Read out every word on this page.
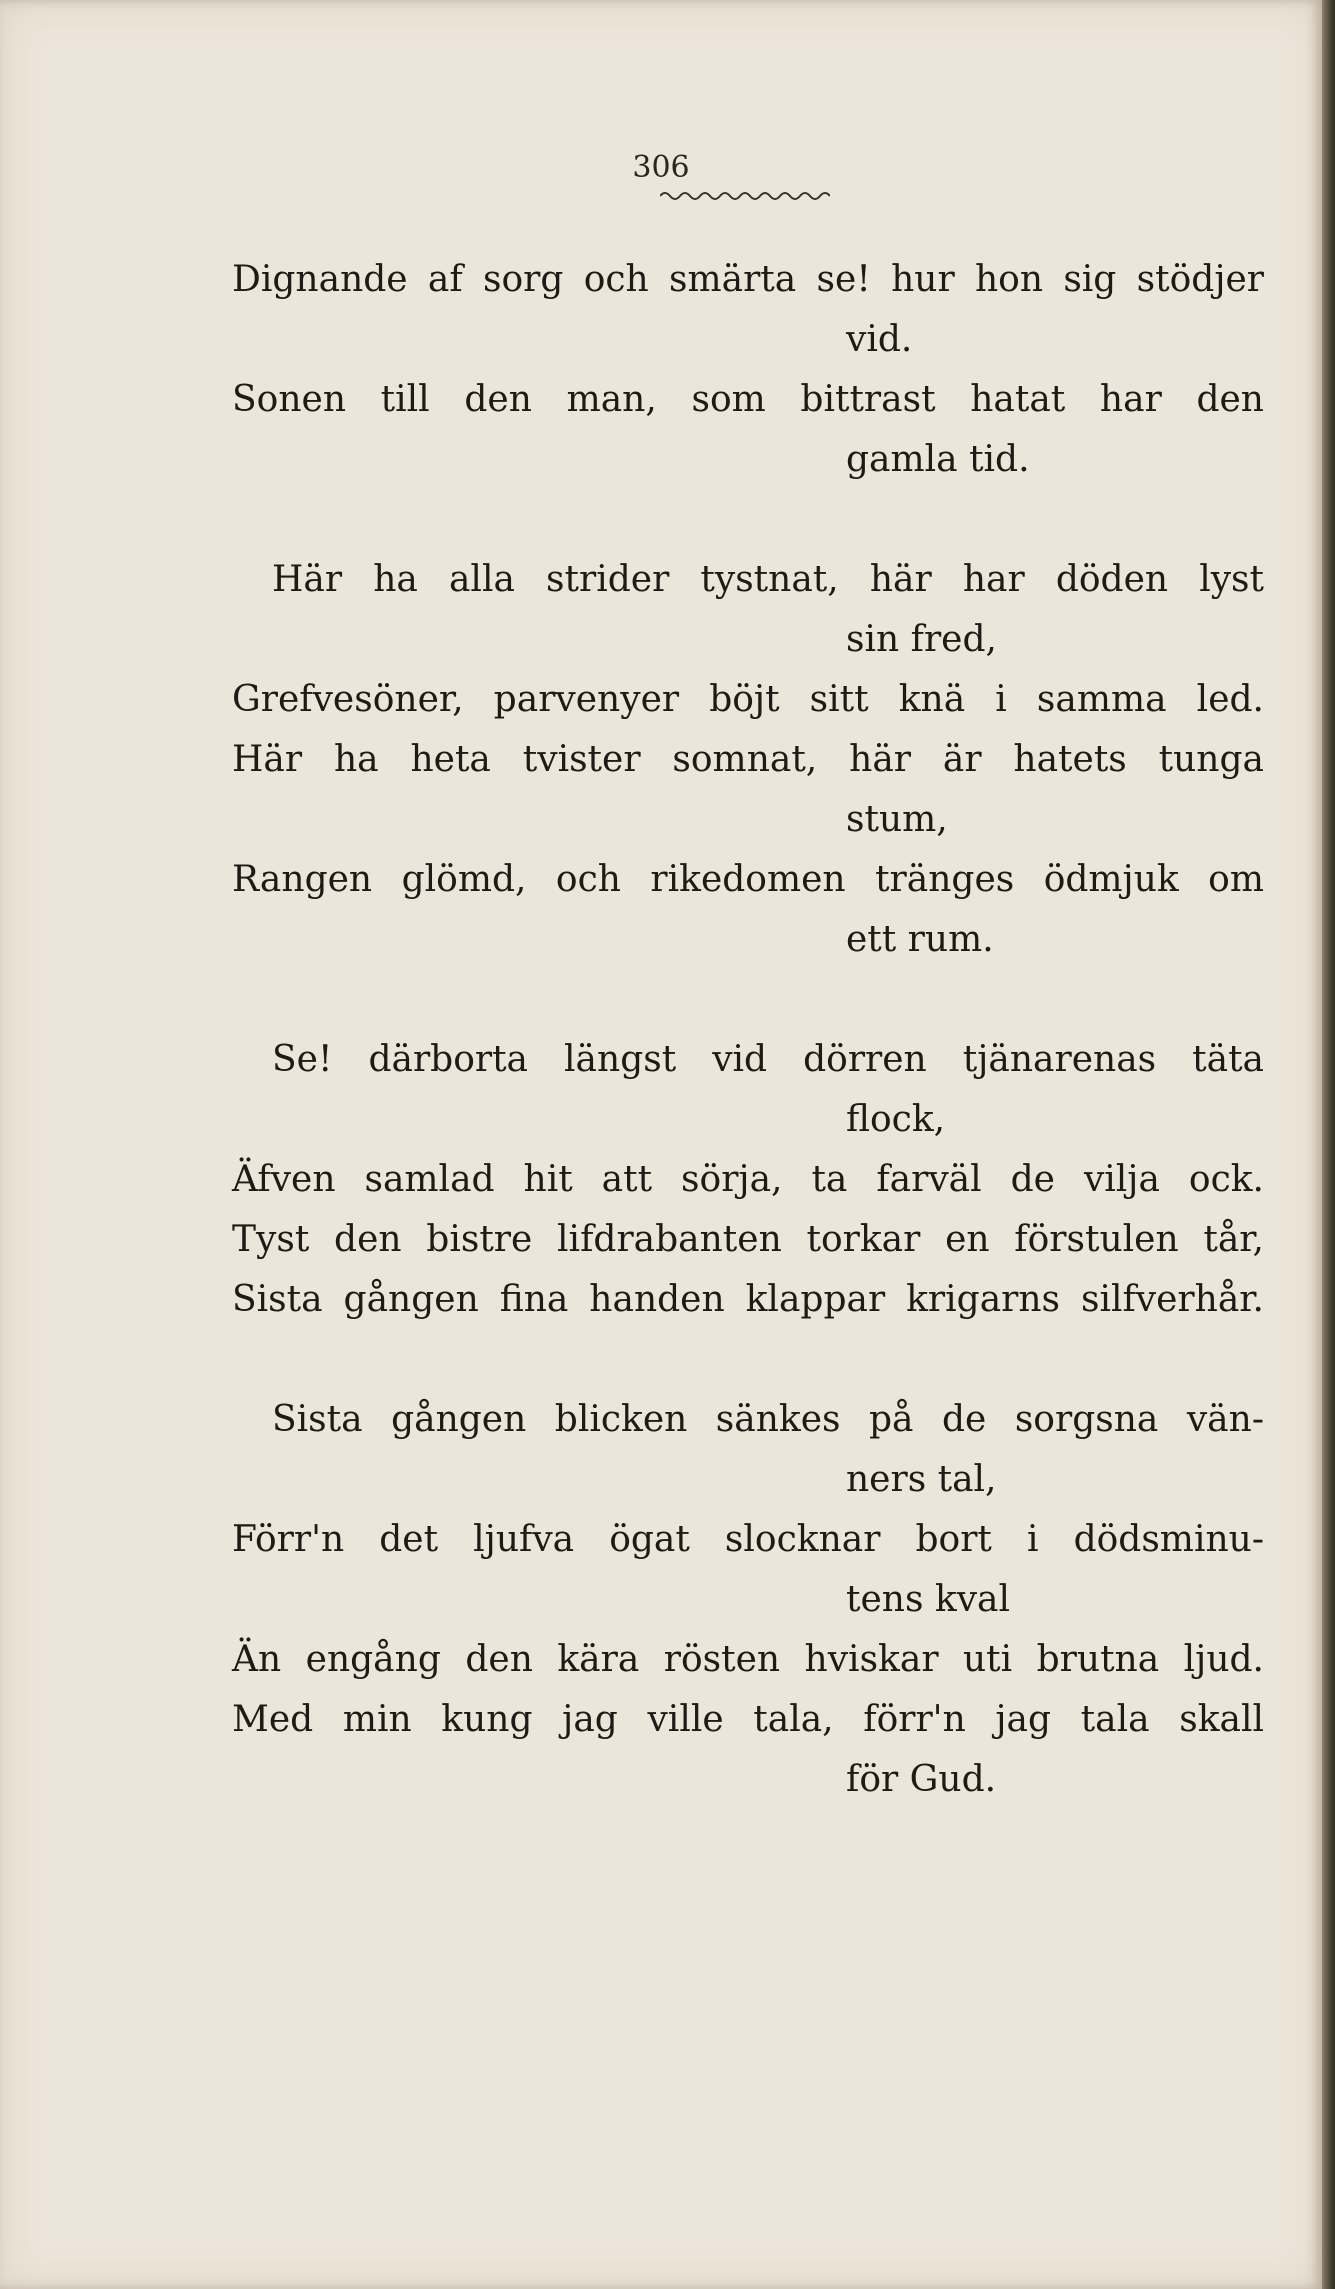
306
Dignande af sorg och smärta se! hur hon sig stödjer
vid.
Sonen till den man, som bittrast hatat har den
gamla tid.
Här ha alla strider tystnat, här har döden lyst
sin fred,
Grefvesöner, parvenyer böjt sitt knä i samma led.
Här ha heta tvister somnat, här är hatets tunga
stum,
Rangen glömd, och rikedomen tränges ödmjuk om
ett rum.
Se! därborta längst vid dörren tjänarenas täta
flock,
Äfven samlad hit att sörja, ta farväl de vilja ock.
Tyst den bistre lifdrabanten torkar en förstulen tår,
Sista gången fina handen klappar krigarns silfverhår.
Sista gången blicken sänkes på de sorgsna vän-
ners tal,
Förr'n det ljufva ögat slocknar bort i dödsminu-
tens kval
Än engång den kära rösten hviskar uti brutna ljud.
Med min kung jag ville tala, förr'n jag tala skall
för Gud.
